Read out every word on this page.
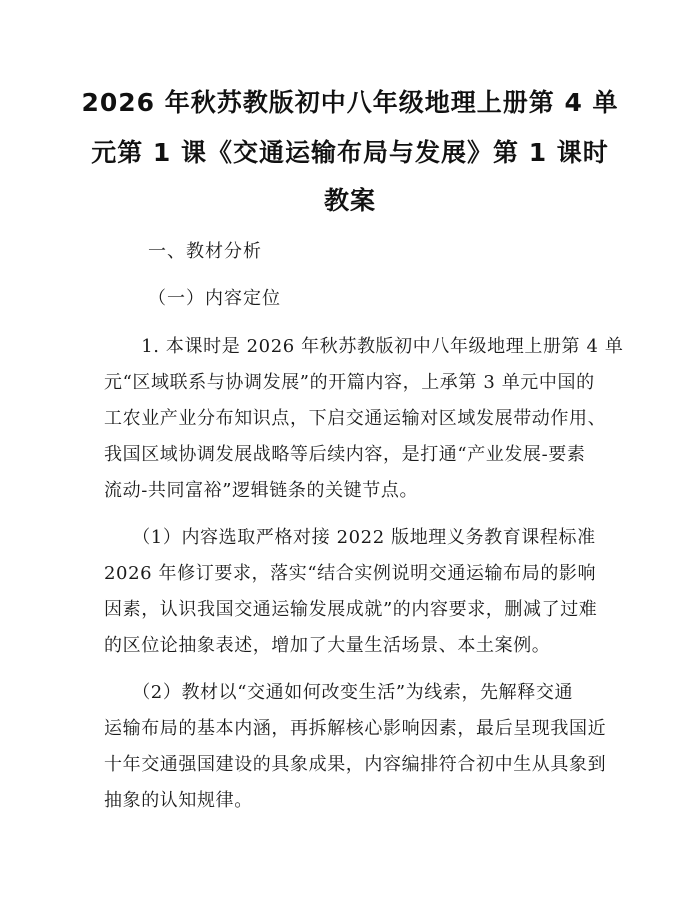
2026 年秋苏教版初中八年级地理上册第 4 单
元第 1 课《交通运输布局与发展》第 1 课时
教案
一、教材分析
（一）内容定位
　　1. 本课时是 2026 年秋苏教版初中八年级地理上册第 4 单
元“区域联系与协调发展”的开篇内容，上承第 3 单元中国的
工农业产业分布知识点，下启交通运输对区域发展带动作用、
我国区域协调发展战略等后续内容，是打通“产业发展-要素
流动-共同富裕”逻辑链条的关键节点。
　　（1）内容选取严格对接 2022 版地理义务教育课程标准
2026 年修订要求，落实“结合实例说明交通运输布局的影响
因素，认识我国交通运输发展成就”的内容要求，删减了过难
的区位论抽象表述，增加了大量生活场景、本土案例。
　　（2）教材以“交通如何改变生活”为线索，先解释交通
运输布局的基本内涵，再拆解核心影响因素，最后呈现我国近
十年交通强国建设的具象成果，内容编排符合初中生从具象到
抽象的认知规律。
